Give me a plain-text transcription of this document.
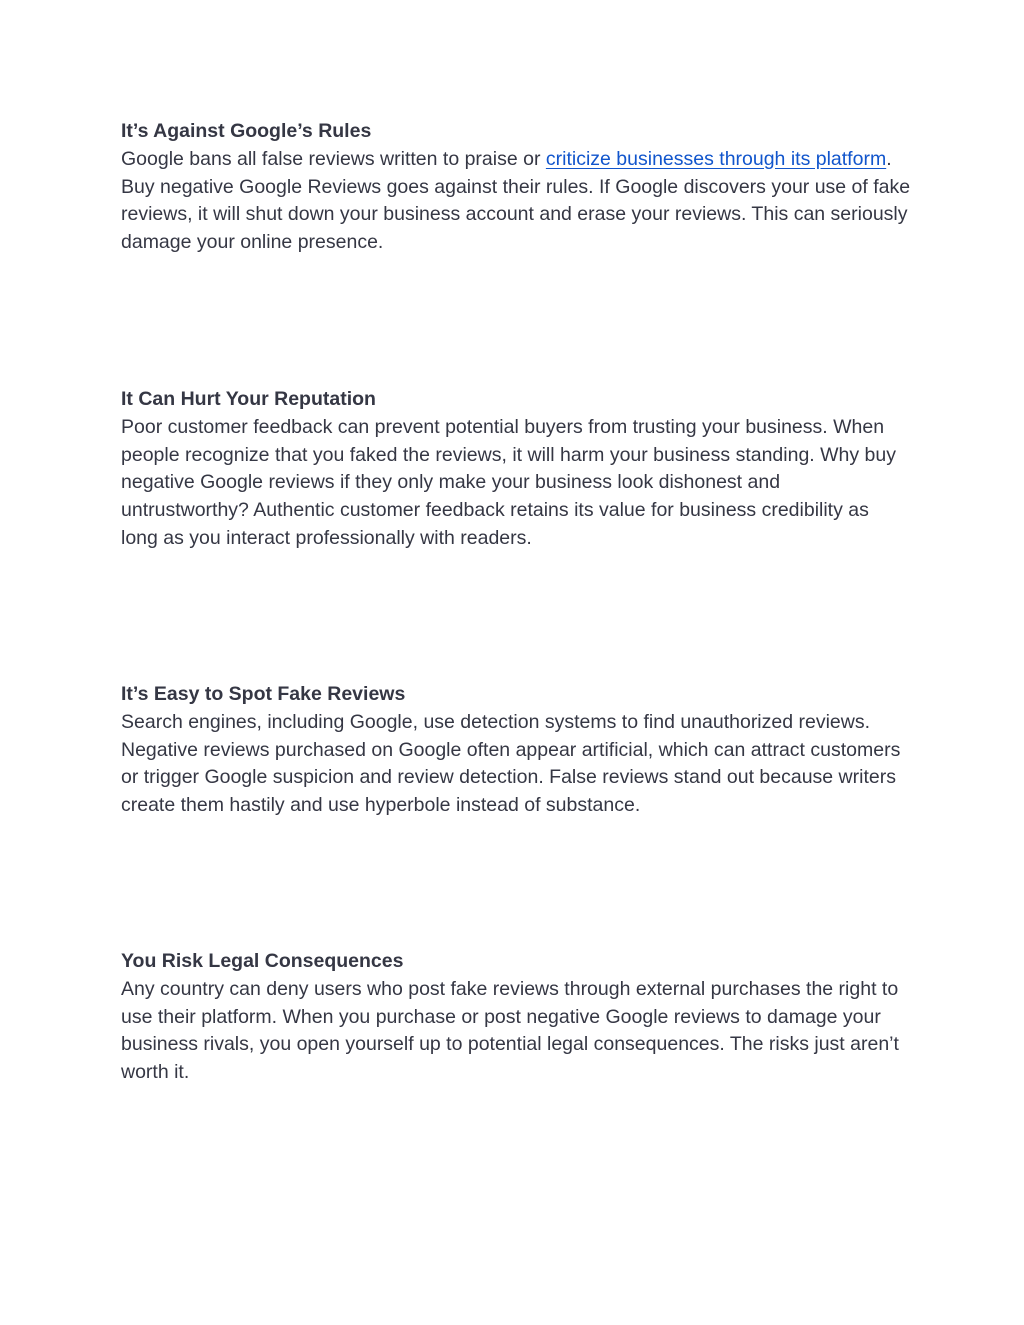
It’s Against Google’s Rules
Google bans all false reviews written to praise or criticize businesses through its platform. Buy negative Google Reviews goes against their rules. If Google discovers your use of fake reviews, it will shut down your business account and erase your reviews. This can seriously damage your online presence.
It Can Hurt Your Reputation
Poor customer feedback can prevent potential buyers from trusting your business. When people recognize that you faked the reviews, it will harm your business standing. Why buy negative Google reviews if they only make your business look dishonest and untrustworthy? Authentic customer feedback retains its value for business credibility as long as you interact professionally with readers.
It’s Easy to Spot Fake Reviews
Search engines, including Google, use detection systems to find unauthorized reviews. Negative reviews purchased on Google often appear artificial, which can attract customers or trigger Google suspicion and review detection. False reviews stand out because writers create them hastily and use hyperbole instead of substance.
You Risk Legal Consequences
Any country can deny users who post fake reviews through external purchases the right to use their platform. When you purchase or post negative Google reviews to damage your business rivals, you open yourself up to potential legal consequences. The risks just aren’t worth it.
